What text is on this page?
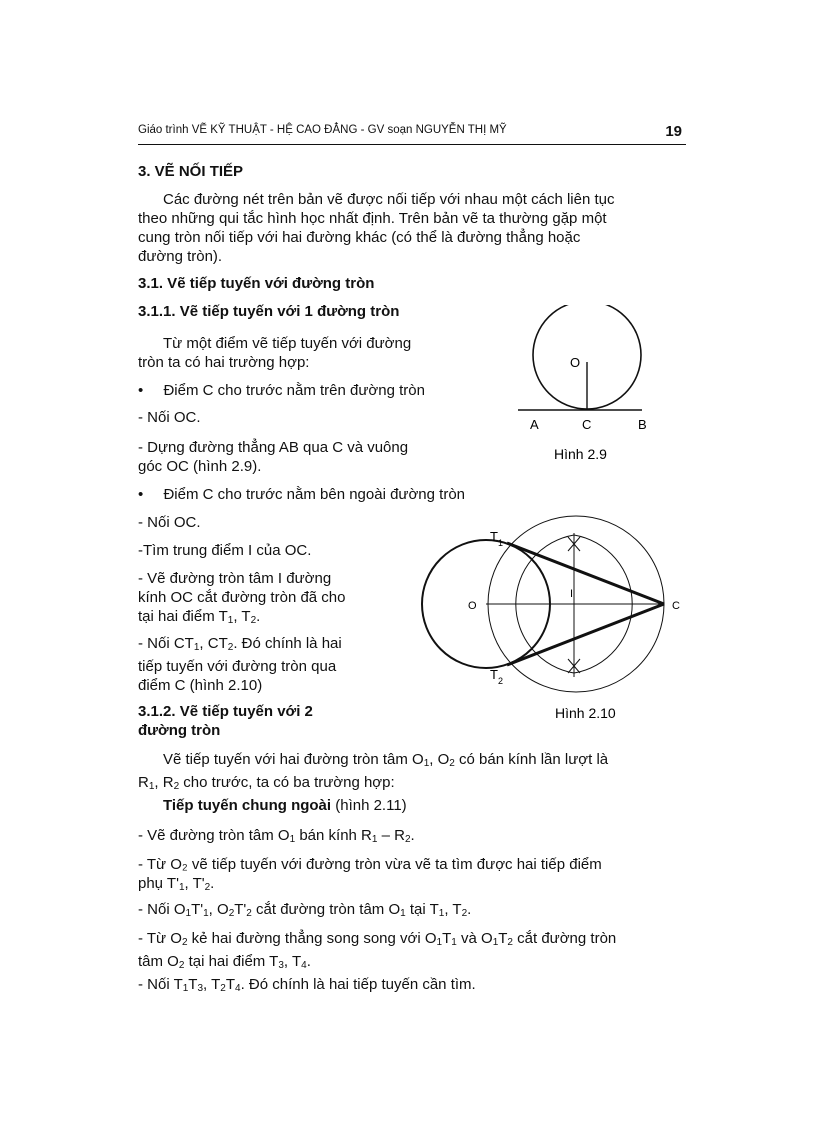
Giáo trình VẼ KỸ THUẬT - HỆ CAO ĐẲNG - GV soạn NGUYỄN THỊ MỸ	19
3. VẼ NỐI TIẾP
Các đường nét trên bản vẽ được nối tiếp với nhau một cách liên tục
theo những qui tắc hình học nhất định. Trên bản vẽ ta thường gặp một
cung tròn nối tiếp với hai đường khác (có thể là đường thẳng hoặc
đường tròn).
3.1. Vẽ tiếp tuyến với đường tròn
3.1.1. Vẽ tiếp tuyến với 1 đường tròn
Từ một điểm vẽ tiếp tuyến với đường
tròn ta có hai trường hợp:
• Điểm C cho trước nằm trên đường tròn
- Nối OC.
- Dựng đường thẳng AB qua C và vuông
góc OC (hình 2.9).
• Điểm C cho trước nằm bên ngoài đường tròn
- Nối OC.
-Tìm trung điểm I của OC.
- Vẽ đường tròn tâm I đường
kính OC cắt đường tròn đã cho
tại hai điểm $T_1$, $T_2$.
- Nối $CT_1$, $CT_2$. Đó chính là hai
tiếp tuyến với đường tròn qua
điểm C (hình 2.10)
O
A	C	B
Hình 2.9
$T_1$
$T_2$
O
I
C
Hình 2.10
3.1.2. Vẽ tiếp tuyến với 2
đường tròn
Vẽ tiếp tuyến với hai đường tròn tâm $O_1$, $O_2$ có bán kính lần lượt là
$R_1$, $R_2$ cho trước, ta có ba trường hợp:
Tiếp tuyến chung ngoài (hình 2.11)
- Vẽ đường tròn tâm $O_1$ bán kính $R_1 - R_2$.
- Từ O₂ vẽ tiếp tuyến với đường tròn vừa vẽ ta tìm được hai tiếp điểm
phụ $T'_1$, $T'_2$.
- Nối $O_1T'_1$, $O_2T'_2$ cắt đường tròn tâm $O_1$ tại $T_1$, $T_2$.
- Từ $O_2$ kẻ hai đường thẳng song song với $O_1T_1$ và $O_1T_2$ cắt đường tròn
tâm $O_2$ tại hai điểm $T_3$, $T_4$.
- Nối $T_1T_3$, $T_2T_4$. Đó chính là hai tiếp tuyến cần tìm.
